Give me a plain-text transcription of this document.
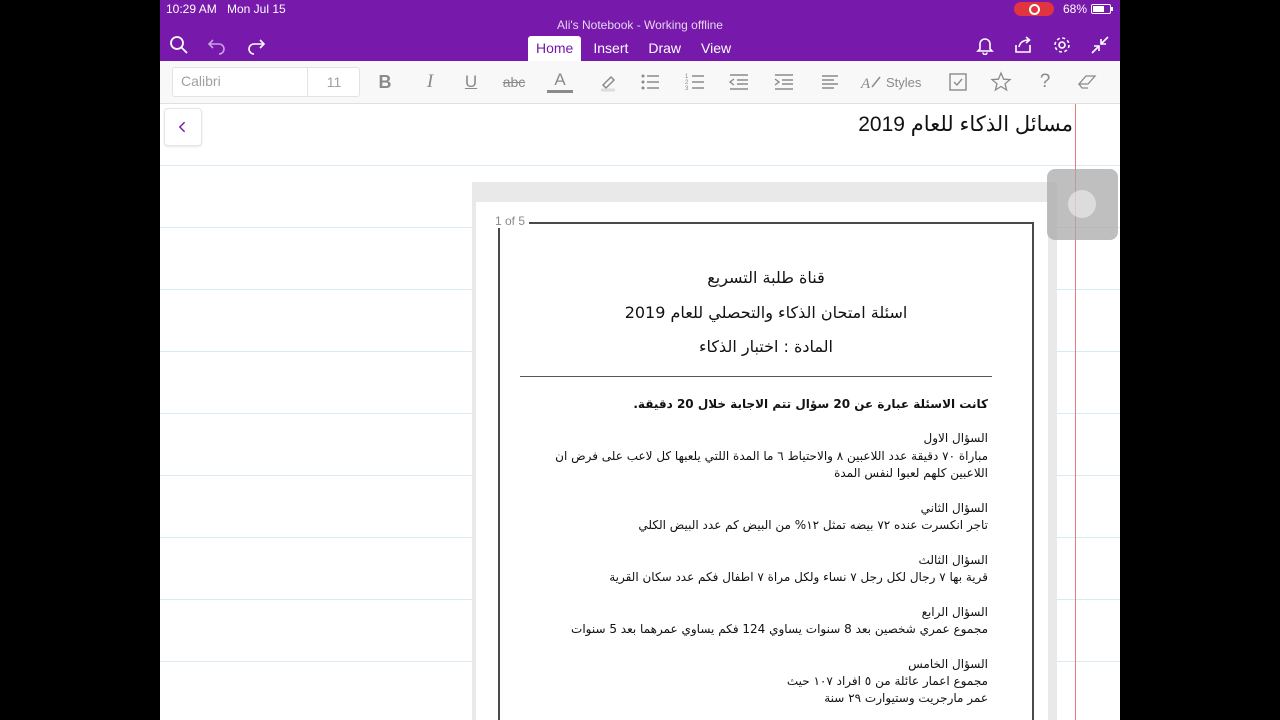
10:29 AM Mon Jul 15	68%
Ali's Notebook - Working offline
Home	Insert	Draw	View
Calibri	11	B	I	U abc	A	1
2
3	A Styles	?
مسائل الذكاء للعام 2019
1 of 5
قناة طلبة التسريع
اسئلة امتحان الذكاء والتحصلي للعام 2019
المادة : اختبار الذكاء
كانت الاسئلة عبارة عن 20 سؤال تتم الاجابة خلال 20 دقيقة.
السؤال الاول
مباراة ٧٠ دقيقة عدد اللاعبين ٨ والاحتياط ٦ ما المدة اللتي يلعبها كل لاعب على فرض ان
اللاعبين كلهم لعبوا لنفس المدة
السؤال الثاني
تاجر انكسرت عنده ٧٢ بيضه تمثل ١٢% من البيض كم عدد البيض الكلي
السؤال الثالث
قرية بها ٧ رجال لكل رجل ٧ نساء ولكل مراة ٧ اطفال فكم عدد سكان القرية
السؤال الرابع
مجموع عمري شخصين بعد 8 سنوات يساوي 124 فكم يساوي عمرهما بعد 5 سنوات
السؤال الخامس
مجموع اعمار عائلة من ٥ افراد ١٠٧ حيث
عمر مارجريت وستيوارت ٢٩ سنة
